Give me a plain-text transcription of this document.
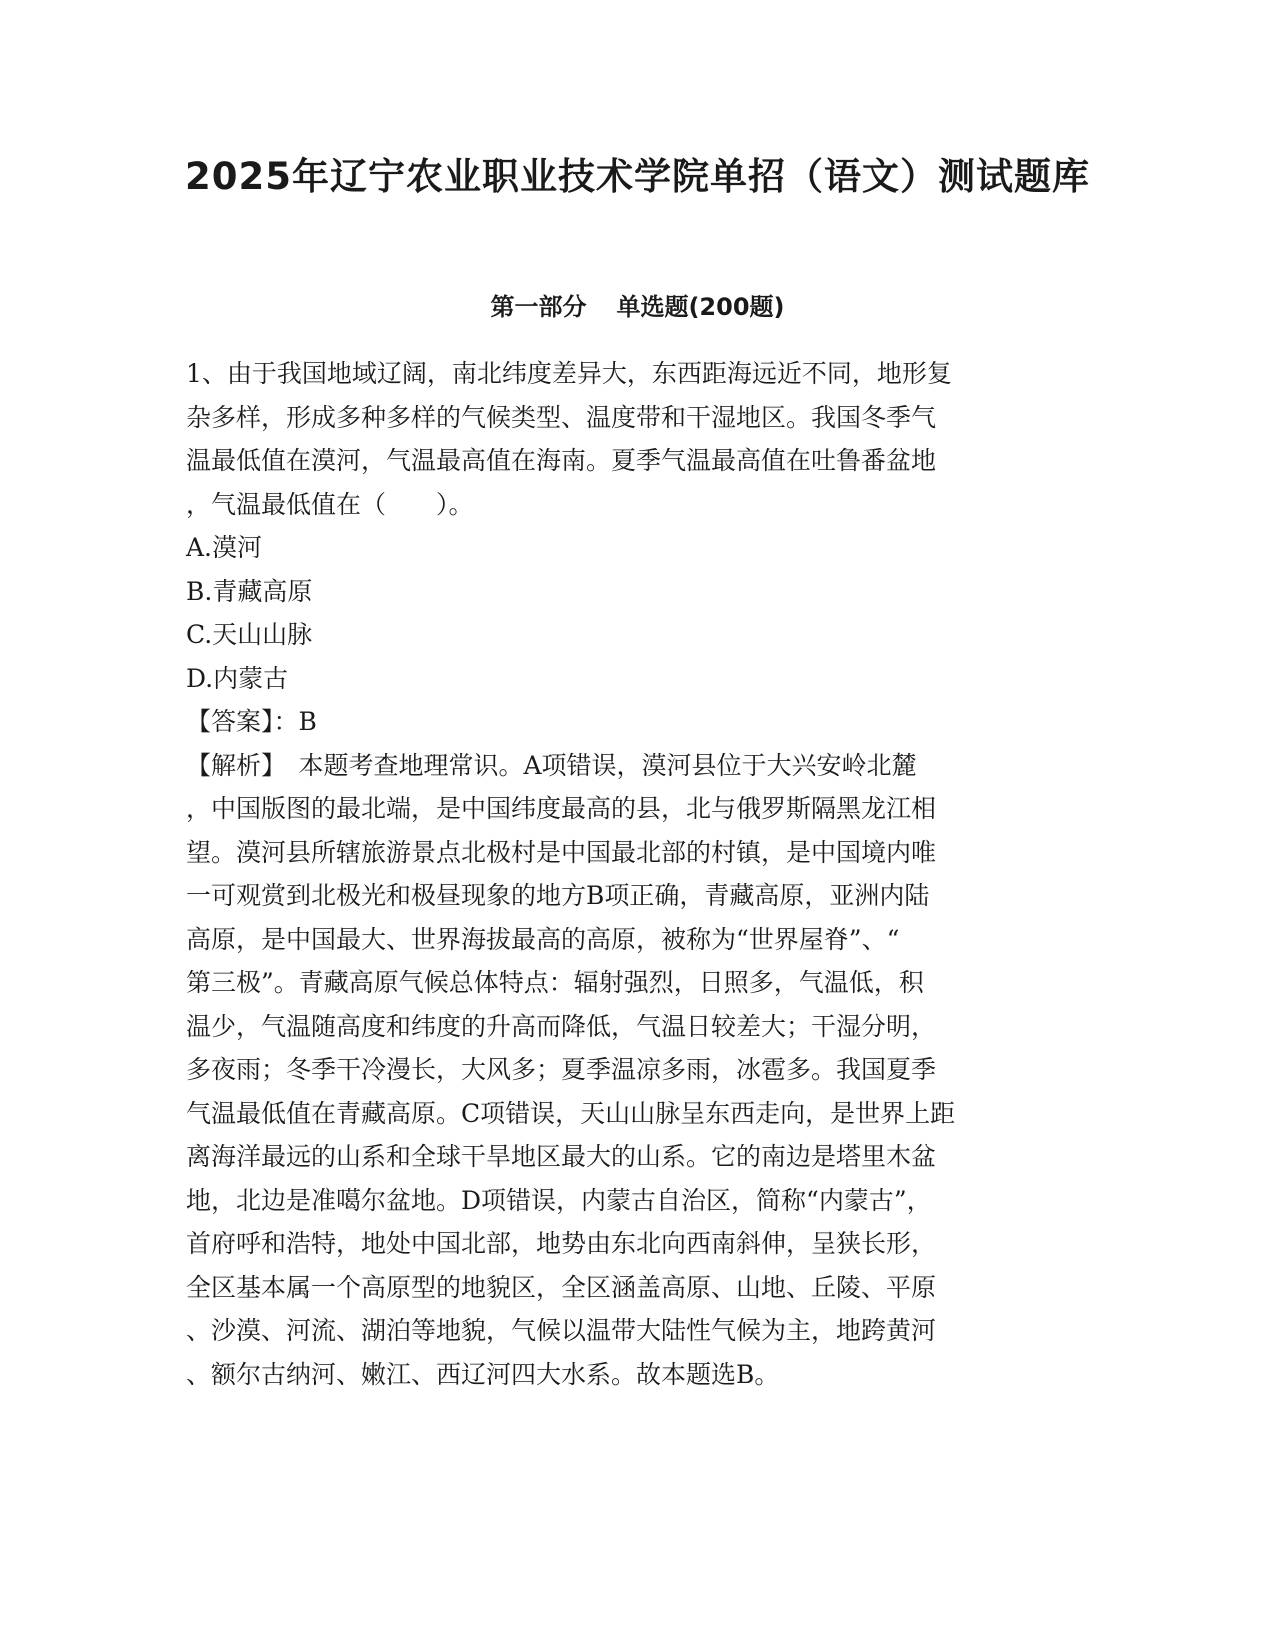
2025年辽宁农业职业技术学院单招（语文）测试题库
第一部分 单选题(200题)
1、由于我国地域辽阔，南北纬度差异大，东西距海远近不同，地形复
杂多样，形成多种多样的气候类型、温度带和干湿地区。我国冬季气
温最低值在漠河，气温最高值在海南。夏季气温最高值在吐鲁番盆地
，气温最低值在（　　）。
A.漠河
B.青藏高原
C.天山山脉
D.内蒙古
【答案】：B
【解析】　本题考查地理常识。A项错误，漠河县位于大兴安岭北麓
，中国版图的最北端，是中国纬度最高的县，北与俄罗斯隔黑龙江相
望。漠河县所辖旅游景点北极村是中国最北部的村镇，是中国境内唯
一可观赏到北极光和极昼现象的地方B项正确，青藏高原，亚洲内陆
高原，是中国最大、世界海拔最高的高原，被称为“世界屋脊”、“
第三极”。青藏高原气候总体特点：辐射强烈，日照多，气温低，积
温少，气温随高度和纬度的升高而降低，气温日较差大；干湿分明，
多夜雨；冬季干冷漫长，大风多；夏季温凉多雨，冰雹多。我国夏季
气温最低值在青藏高原。C项错误，天山山脉呈东西走向，是世界上距
离海洋最远的山系和全球干旱地区最大的山系。它的南边是塔里木盆
地，北边是准噶尔盆地。D项错误，内蒙古自治区，简称“内蒙古”，
首府呼和浩特，地处中国北部，地势由东北向西南斜伸，呈狭长形，
全区基本属一个高原型的地貌区，全区涵盖高原、山地、丘陵、平原
、沙漠、河流、湖泊等地貌，气候以温带大陆性气候为主，地跨黄河
、额尔古纳河、嫩江、西辽河四大水系。故本题选B。
